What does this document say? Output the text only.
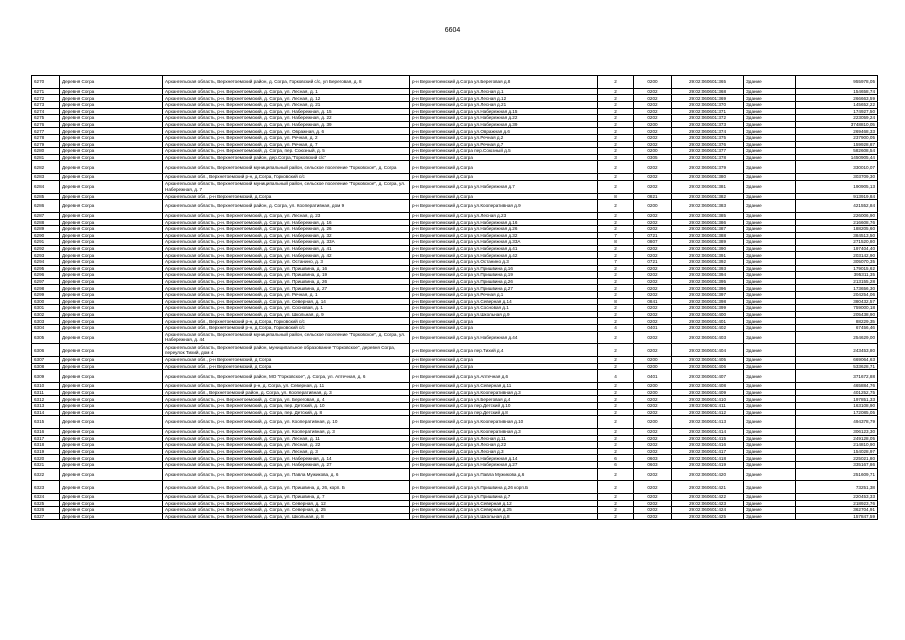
6604
6270	Деревня Согра	Архангельская область, Верхнетоемский район, д. Согра, Горковский с/с, ул Береговая, д. 8	р-н Верхнетоемский д.Согра ул.Береговая д.8	2	0200	29:02:060601:365	Здание	955978,05
6271	Деревня Согра	Архангельская область, р-н. Верхнетоемский, д. Согра, ул. Лесная, д. 1	р-н Верхнетоемский д.Согра ул.Лесная д.1	2	0202	29:02:060601:368	Здание	154658,74
6272	Деревня Согра	Архангельская область, р-н. Верхнетоемский, д. Согра, ул. Лесная, д. 12	р-н Верхнетоемский д.Согра ул.Лесная д.12	2	0202	29:02:060601:369	Здание	266663,59
6273	Деревня Согра	Архангельская область, р-н. Верхнетоемский, д. Согра, ул. Лесная, д. 21	р-н Верхнетоемский д.Согра ул.Лесная д.21	2	0202	29:02:060601:370	Здание	145652,22
6274	Деревня Согра	Архангельская область, р-н. Верхнетоемский, д. Согра, ул. Набережная, д. 15	р-н Верхнетоемский д.Согра ул.Набережная д.15	2	0202	29:02:060601:371	Здание	174927,50
6275	Деревня Согра	Архангельская область, р-н. Верхнетоемский, д. Согра, ул. Набережная, д. 22	р-н Верхнетоемский д.Согра ул.Набережная д.22	2	0202	29:02:060601:372	Здание	223059,24
6276	Деревня Согра	Архангельская область, р-н. Верхнетоемский, д. Согра, ул. Набережная, д. 39	р-н Верхнетоемский д.Согра ул.Набережная д.39	2	0200	29:02:060601:373	Здание	3748810,05
6277	Деревня Согра	Архангельская область, р-н. Верхнетоемский, д. Согра, ул. Овражная, д. 6	р-н Верхнетоемский д.Согра ул.Овражная д.6	2	0202	29:02:060601:374	Здание	269468,33
6278	Деревня Согра	Архангельская область, р-н. Верхнетоемский, д. Согра, ул. Речная, д. 2	р-н Верхнетоемский д.Согра ул.Речная д.2	2	0202	29:02:060601:375	Здание	237900,05
6279	Деревня Согра	Архангельская область, р-н. Верхнетоемский, д. Согра, ул. Речная, д. 7	р-н Верхнетоемский д.Согра ул.Речная д.7	2	0202	29:02:060601:376	Здание	159928,87
6280	Деревня Согра	Архангельская область, р-н. Верхнетоемский, д. Согра, пер. Союзный, д. 5	р-н Верхнетоемский д.Согра пер.Союзный д.5	2	0200	29:02:060601:377	Здание	582608,54
6281	Деревня Согра	Архангельская область, Верхнетоемский район, дер.Согра,"Горковский с/с"	р-н Верхнетоемский д.Согра	3	0305	29:02:060601:378	Здание	1450905,44
6282	Деревня Согра	Архангельская область, Верхнетоемский муниципальный район, сельское поселение "Горковское", д. Согра	р-н Верхнетоемский д.Согра	2	0202	29:02:060601:379	Здание	330010,07
6283	Деревня Согра	Архангельская обл., Верхнетоемский р-н, д.Согра, Горковский с/с	р-н Верхнетоемский д.Согра	2	0202	29:02:060601:380	Здание	303709,30
6284	Деревня Согра	Архангельская область, Верхнетоемский муниципальный район, сельское поселение "Горковское", д. Согра, ул. Набережная, д. 7	р-н Верхнетоемский д.Согра ул.Набережная д.7	2	0202	29:02:060601:381	Здание	190905,13
6285	Деревня Согра	Архангельская обл., р-н Верхнетоемский, д.Согра	р-н Верхнетоемский д.Согра	8	0821	29:02:060601:382	Здание	913919,84
6286	Деревня Согра	Архангельская область, Верхнетоемский район, д. Согра, ул. Кооперативная, дом 9	р-н Верхнетоемский д.Согра ул.Кооперативная д.9	2	0200	29:02:060601:383	Здание	421552,84
6287	Деревня Согра	Архангельская область, р-н. Верхнетоемский, д. Согра, ул. Лесная, д. 23	р-н Верхнетоемский д.Согра ул.Лесная д.23	2	0202	29:02:060601:385	Здание	226006,90
6288	Деревня Согра	Архангельская область, р-н. Верхнетоемский, д. Согра, ул. Набережная, д. 16	р-н Верхнетоемский д.Согра ул.Набережная д.16	2	0202	29:02:060601:386	Здание	216608,76
6289	Деревня Согра	Архангельская область, р-н. Верхнетоемский, д. Согра, ул. Набережная, д. 26	р-н Верхнетоемский д.Согра ул.Набережная д.26	2	0202	29:02:060601:387	Здание	188205,60
6290	Деревня Согра	Архангельская область, р-н. Верхнетоемский, д. Согра, ул. Набережная, д. 32	р-н Верхнетоемский д.Согра ул.Набережная д.32	7	0721	29:02:060601:388	Здание	384513,50
6291	Деревня Согра	Архангельская область, р-н. Верхнетоемский, д. Согра, ул. Набережная, д. 33А	р-н Верхнетоемский д.Согра ул.Набережная д.33А	8	0807	29:02:060601:389	Здание	271520,80
6292	Деревня Согра	Архангельская область, р-н. Верхнетоемский, д. Согра, ул. Набережная, д. 41	р-н Верхнетоемский д.Согра ул.Набережная д.41	2	0202	29:02:060601:390	Здание	197404,40
6293	Деревня Согра	Архангельская область, р-н. Верхнетоемский, д. Согра, ул. Набережная, д. 42	р-н Верхнетоемский д.Согра ул.Набережная д.42	2	0202	29:02:060601:391	Здание	203142,90
6294	Деревня Согра	Архангельская область, р-н. Верхнетоемский, д. Согра, ул. Останино, д. 3	р-н Верхнетоемский д.Согра ул.Останино д.3	7	0721	29:02:060601:392	Здание	305070,35
6295	Деревня Согра	Архангельская область, р-н. Верхнетоемский, д. Согра, ул. Пришвина, д. 16	р-н Верхнетоемский д.Согра ул.Пришвина д.16	2	0202	29:02:060601:393	Здание	179015,62
6296	Деревня Согра	Архангельская область, р-н. Верхнетоемский, д. Согра, ул. Пришвина, д. 19	р-н Верхнетоемский д.Согра ул.Пришвина д.19	2	0202	29:02:060601:394	Здание	395311,35
6297	Деревня Согра	Архангельская область, р-н. Верхнетоемский, д. Согра, ул. Пришвина, д. 26	р-н Верхнетоемский д.Согра ул.Пришвина д.26	2	0202	29:02:060601:395	Здание	213155,28
6298	Деревня Согра	Архангельская область, р-н. Верхнетоемский, д. Согра, ул. Пришвина, д. 27	р-н Верхнетоемский д.Согра ул.Пришвина д.27	2	0202	29:02:060601:396	Здание	173656,30
6299	Деревня Согра	Архангельская область, р-н. Верхнетоемский, д. Согра, ул. Речная, д. 1	р-н Верхнетоемский д.Согра ул.Речная д.1	2	0202	29:02:060601:397	Здание	204254,06
6300	Деревня Согра	Архангельская область, р-н. Верхнетоемский, д. Согра, ул. Северная, д. 14	р-н Верхнетоемский д.Согра ул.Северная д.14	8	0841	29:02:060601:398	Здание	380432,57
6301	Деревня Согра	Архангельская область, р-н. Верхнетоемский, д. Согра, ул. Сосновая, д. 1	р-н Верхнетоемский д.Согра ул.Сосновая д.1	2	0202	29:02:060601:399	Здание	759000,18
6302	Деревня Согра	Архангельская область, р-н. Верхнетоемский, д. Согра, ул. Школьная, д. 9	р-н Верхнетоемский д.Согра ул.Школьная д.9	2	0202	29:02:060601:400	Здание	205438,90
6303	Деревня Согра	Архангельская обл., Верхнетоемский р-н, д.Согра, Горковский с/с	р-н Верхнетоемский д.Согра	2	0202	29:02:060601:401	Здание	88229,35
6304	Деревня Согра	Архангельская обл., Верхнетоемский р-н, д.Согра, Горковский с/с	р-н Верхнетоемский д.Согра	4	0401	29:02:060601:402	Здание	67456,46
6305	Деревня Согра	Архангельская область, Верхнетоемский муниципальный район, сельское поселение "Горковское", д. Согра, ул. Набережная, д. 44	р-н Верхнетоемский д.Согра ул.Набережная д.44	2	0202	29:02:060601:403	Здание	254629,00
6306	Деревня Согра	Архангельская область, Верхнетоемский район, муниципальное образование "Горковское", деревня Согра, переулок Тихий, дом 4	р-н Верхнетоемский д.Согра пер.Тихий д.4	2	0202	29:02:060601:404	Здание	243453,80
6307	Деревня Согра	Архангельская обл., р-н Верхнетоемский, д Согра	р-н Верхнетоемский д.Согра	2	0200	29:02:060601:405	Здание	669064,63
6308	Деревня Согра	Архангельская обл., р-н Верхнетоемский, д Согра	р-н Верхнетоемский д.Согра	2	0200	29:02:060601:406	Здание	533628,71
6309	Деревня Согра	Архангельская область, Верхнетоемский район, МО "Горковское", д. Согра, ул. Аптечная, д. 6	р-н Верхнетоемский д.Согра ул.Аптечная д.6	4	0401	29:02:060601:407	Здание	371672,88
6310	Деревня Согра	Архангельская область, Верхнетоемский р-н, д. Согра, ул. Северная, д. 11	р-н Верхнетоемский д.Согра ул.Северная д.11	2	0200	29:02:060601:408	Здание	465884,76
6311	Деревня Согра	Архангельская обл., Верхнетоемский район, д. Согра, ул. Кооперативная, д. 3	р-н Верхнетоемский д.Согра ул.Кооперативная д.3	2	0200	29:02:060601:409	Здание	401252,75
6312	Деревня Согра	Архангельская область, р-н. Верхнетоемский, д. Согра, ул. Береговая, д. 4	р-н Верхнетоемский д.Согра ул.Береговая д.4	2	0202	29:02:060601:410	Здание	197851,33
6313	Деревня Согра	Архангельская область, р-н. Верхнетоемский, д. Согра, пер. Детский, д. 10	р-н Верхнетоемский д.Согра пер.Детский д.10	2	0202	29:02:060601:411	Здание	163108,90
6314	Деревня Согра	Архангельская область, р-н. Верхнетоемский, д. Согра, пер. Детский, д. 8	р-н Верхнетоемский д.Согра пер.Детский д.8	2	0202	29:02:060601:412	Здание	172085,05
6315	Деревня Согра	Архангельская область, р-н. Верхнетоемский, д. Согра, ул. Кооперативная, д. 10	р-н Верхнетоемский д.Согра ул.Кооперативная д.10	2	0200	29:02:060601:413	Здание	494378,79
6316	Деревня Согра	Архангельская область, р-н. Верхнетоемский, д. Согра, ул. Кооперативная, д. 3	р-н Верхнетоемский д.Согра ул.Кооперативная д.3	2	0202	29:02:060601:414	Здание	306123,30
6317	Деревня Согра	Архангельская область, р-н. Верхнетоемский, д. Согра, ул. Лесная, д. 11	р-н Верхнетоемский д.Согра ул.Лесная д.11	2	0202	29:02:060601:415	Здание	249128,05
6318	Деревня Согра	Архангельская область, р-н. Верхнетоемский, д. Согра, ул. Лесная, д. 22	р-н Верхнетоемский д.Согра ул.Лесная д.22	2	0202	29:02:060601:416	Здание	214810,90
6319	Деревня Согра	Архангельская область, р-н. Верхнетоемский, д. Согра, ул. Лесная, д. 3	р-н Верхнетоемский д.Согра ул.Лесная д.3	2	0202	29:02:060601:417	Здание	154028,97
6320	Деревня Согра	Архангельская область, р-н. Верхнетоемский, д. Согра, ул. Набережная, д. 14	р-н Верхнетоемский д.Согра ул.Набережная д.14	6	0603	29:02:060601:418	Здание	225021,80
6321	Деревня Согра	Архангельская область, р-н. Верхнетоемский, д. Согра, ул. Набережная, д. 27	р-н Верхнетоемский д.Согра ул.Набережная д.27	6	0603	29:02:060601:419	Здание	335167,86
6322	Деревня Согра	Архангельская область, р-н. Верхнетоемский, д. Согра, ул. Павла Мужикова, д. 6	р-н Верхнетоемский д.Согра ул.Павла Мужикова д.6	2	0202	29:02:060601:420	Здание	251609,71
6323	Деревня Согра	Архангельская область, р-н. Верхнетоемский, д. Согра, ул. Пришвина, д. 26, корп. Б	р-н Верхнетоемский д.Согра ул.Пришвина д.26 корп.Б	2	0202	29:02:060601:421	Здание	73251,38
6324	Деревня Согра	Архангельская область, р-н. Верхнетоемский, д. Согра, ул. Пришвина, д. 7	р-н Верхнетоемский д.Согра ул.Пришвина д.7	2	0202	29:02:060601:422	Здание	220453,33
6325	Деревня Согра	Архангельская область, р-н. Верхнетоемский, д. Согра, ул. Северная, д. 12	р-н Верхнетоемский д.Согра ул.Северная д.12	2	0202	29:02:060601:423	Здание	218923,76
6326	Деревня Согра	Архангельская область, р-н. Верхнетоемский, д. Согра, ул. Северная, д. 25	р-н Верхнетоемский д.Согра ул.Северная д.25	2	0202	29:02:060601:424	Здание	362704,91
6327	Деревня Согра	Архангельская область, р-н. Верхнетоемский, д. Согра, ул. Школьная, д. 8	р-н Верхнетоемский д.Согра ул.Школьная д.8	2	0202	29:02:060601:425	Здание	157847,59
